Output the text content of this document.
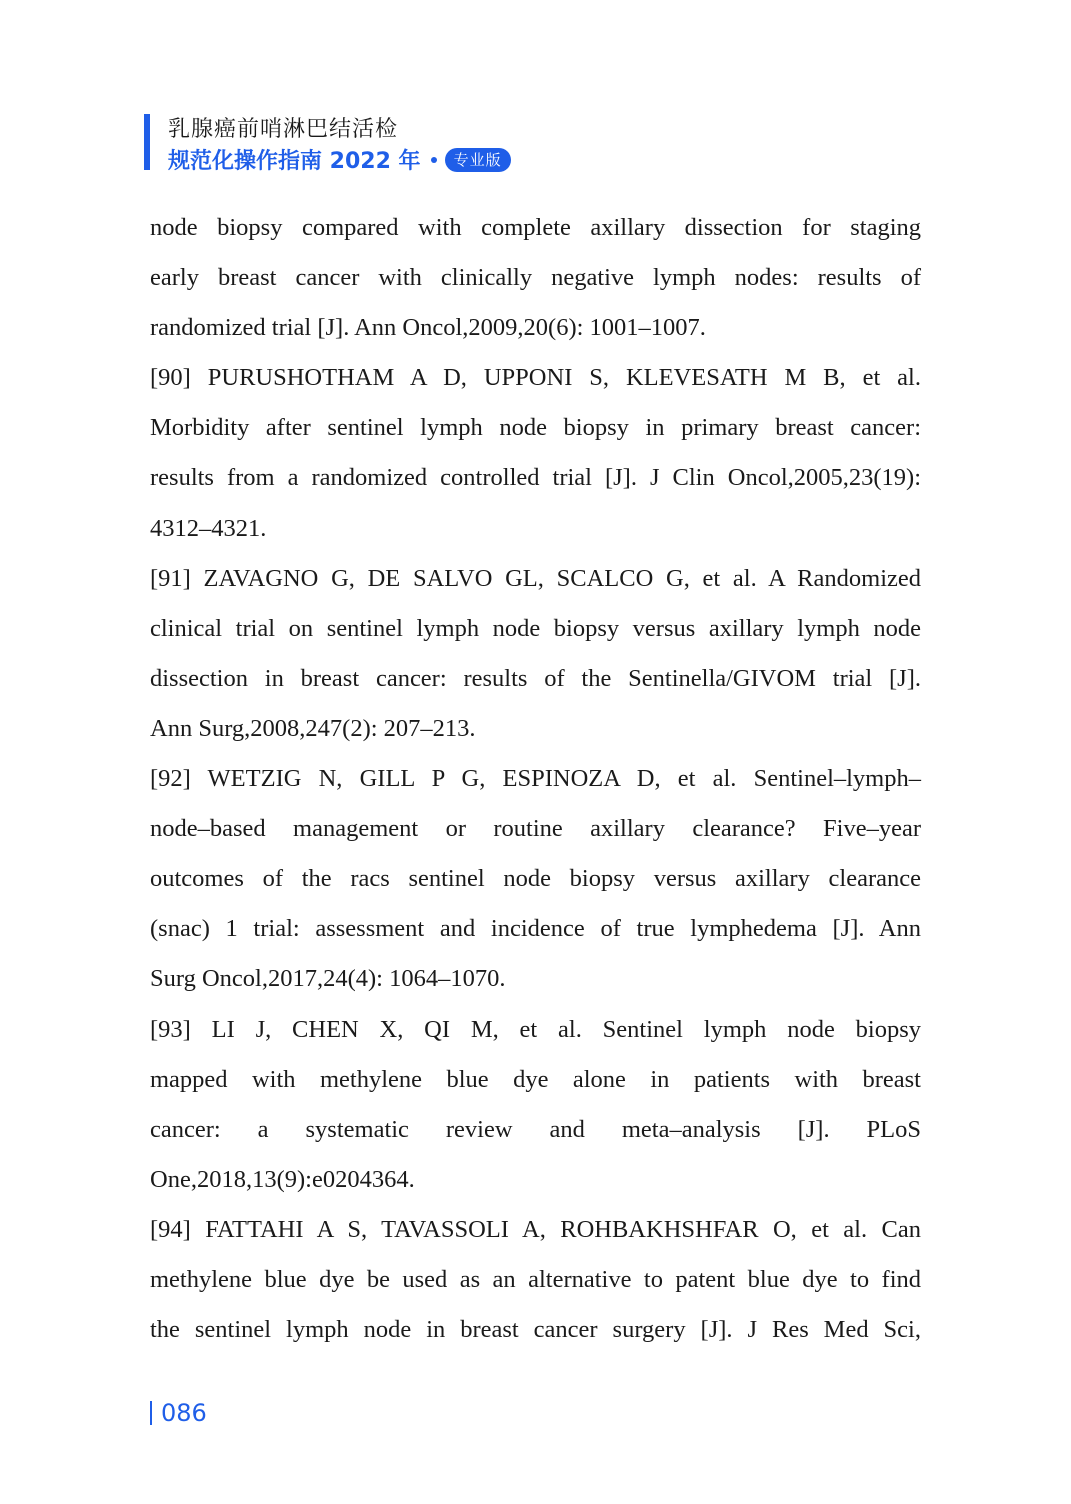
乳腺癌前哨淋巴结活检
规范化操作指南 2022 年	专业版
node biopsy compared with complete axillary dissection for staging
early breast cancer with clinically negative lymph nodes: results of
randomized trial [J]. Ann Oncol,2009,20(6): 1001–1007.
[90] PURUSHOTHAM A D, UPPONI S, KLEVESATH M B, et al.
Morbidity after sentinel lymph node biopsy in primary breast cancer:
results from a randomized controlled trial [J]. J Clin Oncol,2005,23(19):
4312–4321.
[91] ZAVAGNO G, DE SALVO GL, SCALCO G, et al. A Randomized
clinical trial on sentinel lymph node biopsy versus axillary lymph node
dissection in breast cancer: results of the Sentinella/GIVOM trial [J].
Ann Surg,2008,247(2): 207–213.
[92] WETZIG N, GILL P G, ESPINOZA D, et al. Sentinel–lymph–
node–based management or routine axillary clearance? Five–year
outcomes of the racs sentinel node biopsy versus axillary clearance
(snac) 1 trial: assessment and incidence of true lymphedema [J]. Ann
Surg Oncol,2017,24(4): 1064–1070.
[93] LI J, CHEN X, QI M, et al. Sentinel lymph node biopsy
mapped with methylene blue dye alone in patients with breast
cancer: a systematic review and meta–analysis [J]. PLoS
One,2018,13(9):e0204364.
[94] FATTAHI A S, TAVASSOLI A, ROHBAKHSHFAR O, et al. Can
methylene blue dye be used as an alternative to patent blue dye to find
the sentinel lymph node in breast cancer surgery [J]. J Res Med Sci,
086
